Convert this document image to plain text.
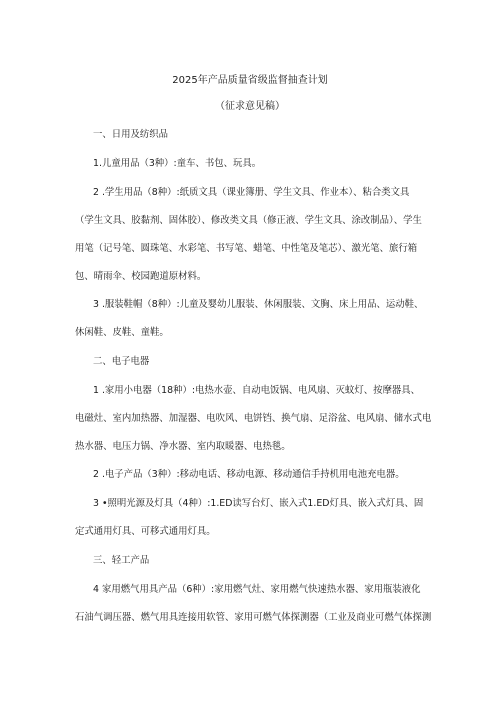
2025年产品质量省级监督抽查计划
（征求意见稿）
一、日用及纺织品
1.儿童用品（3种）:童车、书包、玩具。
2 .学生用品（8种）:纸质文具（课业簿册、学生文具、作业本）、粘合类文具
（学生文具、胶黏剂、固体胶）、修改类文具（修正液、学生文具、涂改制品）、学生
用笔（记号笔、圆珠笔、水彩笔、书写笔、蜡笔、中性笔及笔芯）、激光笔、旅行箱
包、晴雨伞、校园跑道原材料。
3 .服装鞋帽（8种）:儿童及婴幼儿服装、休闲服装、文胸、床上用品、运动鞋、
休闲鞋、皮鞋、童鞋。
二、电子电器
1 .家用小电器（18种）:电热水壶、自动电饭锅、电风扇、灭蚊灯、按摩器具、
电磁灶、室内加热器、加湿器、电吹风、电饼铛、换气扇、足浴盆、电风扇、储水式电
热水器、电压力锅、净水器、室内取暖器、电热毯。
2 .电子产品（3种）:移动电话、移动电源、移动通信手持机用电池充电器。
3 •照明光源及灯具（4种）:1.ED读写台灯、嵌入式1.ED灯具、嵌入式灯具、固
定式通用灯具、可移式通用灯具。
三、轻工产品
4 家用燃气用具产品（6种）:家用燃气灶、家用燃气快速热水器、家用瓶装液化
石油气调压器、燃气用具连接用软管、家用可燃气体探测器（工业及商业可燃气体探测
